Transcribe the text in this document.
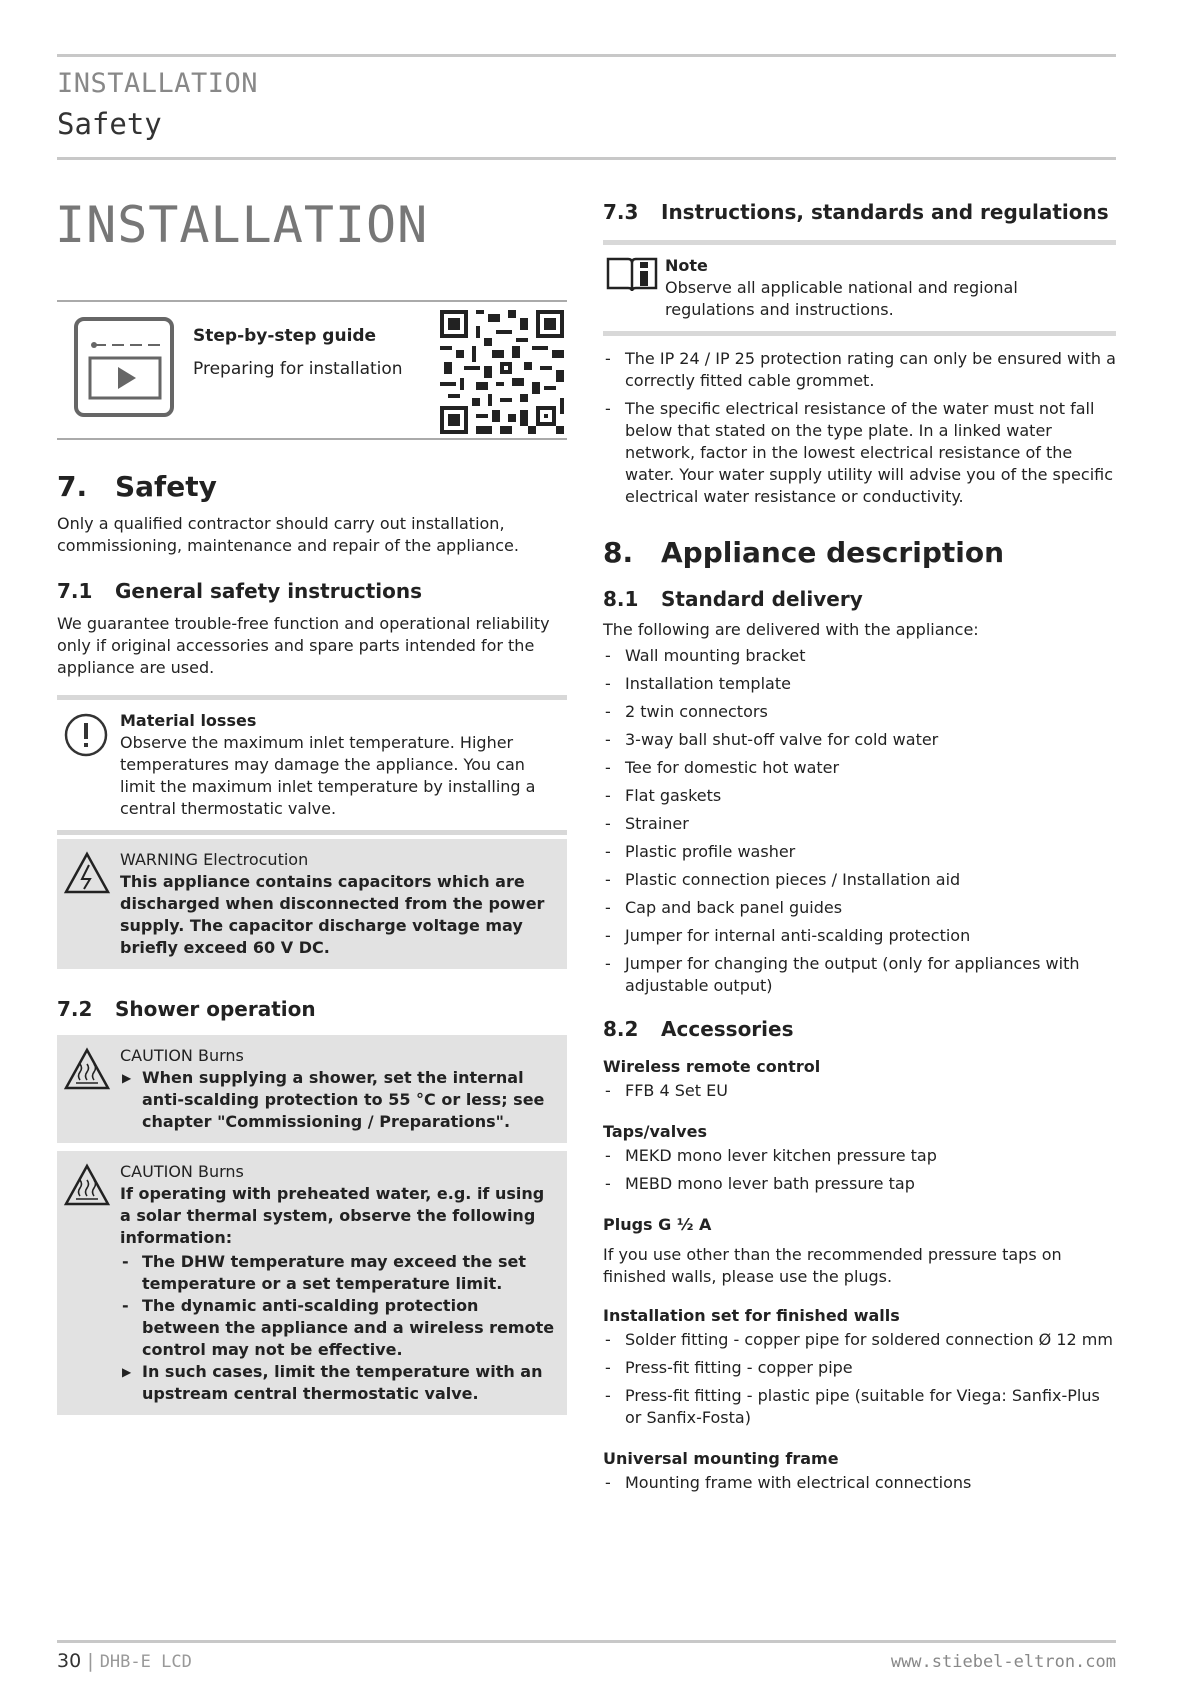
INSTALLATION
Safety
INSTALLATION
Step-by-step guide
Preparing for installation
7. Safety

Only a qualified contractor should carry out installation, commissioning, maintenance and repair of the appliance.

7.1	General safety instructions

We guarantee trouble-free function and operational reliability only if original accessories and spare parts intended for the appliance are used.

Material losses
Observe the maximum inlet temperature. Higher temperatures may damage the appliance. You can limit the maximum inlet temperature by installing a central thermostatic valve.
WARNING Electrocution
This appliance contains capacitors which are discharged when disconnected from the power supply. The capacitor discharge voltage may briefly exceed 60 V DC.
7.2	Shower operation
CAUTION Burns
▶ When supplying a shower, set the internal anti-scalding protection to 55 °C or less; see chapter "Commissioning / Preparations".
CAUTION Burns
If operating with preheated water, e.g. if using a solar thermal system, observe the following information:
- The DHW temperature may exceed the set temperature or a set temperature limit.
- The dynamic anti-scalding protection between the appliance and a wireless remote control may not be effective.
▶ In such cases, limit the temperature with an upstream central thermostatic valve.
7.3	Instructions, standards and regulations
Note
Observe all applicable national and regional regulations and instructions.
- The IP 24 / IP 25 protection rating can only be ensured with a correctly fitted cable grommet.
- The specific electrical resistance of the water must not fall below that stated on the type plate. In a linked water network, factor in the lowest electrical resistance of the water. Your water supply utility will advise you of the specific electrical water resistance or conductivity.
8. Appliance description
8.1	Standard delivery

The following are delivered with the appliance:

- Wall mounting bracket
- Installation template
- 2 twin connectors
- 3-way ball shut-off valve for cold water
- Tee for domestic hot water
- Flat gaskets
- Strainer
- Plastic profile washer
- Plastic connection pieces / Installation aid
- Cap and back panel guides
- Jumper for internal anti-scalding protection
- Jumper for changing the output (only for appliances with adjustable output)
8.2	Accessories
Wireless remote control
- FFB 4 Set EU
Taps/valves
- MEKD mono lever kitchen pressure tap
- MEBD mono lever bath pressure tap
Plugs G ½ A

If you use other than the recommended pressure taps on finished walls, please use the plugs.

Installation set for finished walls
- Solder fitting - copper pipe for soldered connection Ø 12 mm
- Press-fit fitting - copper pipe
- Press-fit fitting - plastic pipe (suitable for Viega: Sanfix-Plus or Sanfix-Fosta)
Universal mounting frame
- Mounting frame with electrical connections
30 | DHB-E LCD	www.stiebel-eltron.com
